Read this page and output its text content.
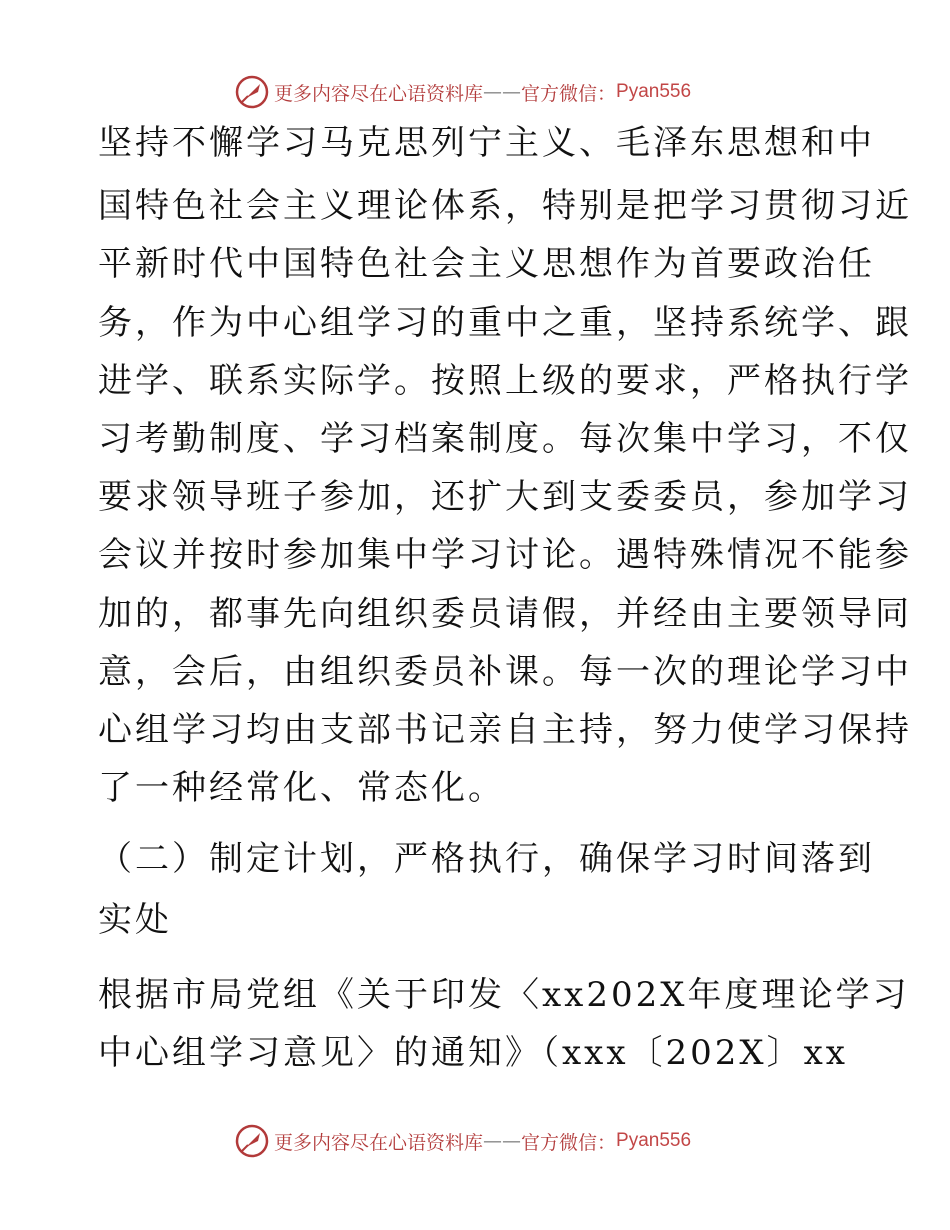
更多内容尽在心语资料库 —— 官方微信： Pyan556
坚持不懈学习马克思列宁主义、毛泽东思想和中
国特色社会主义理论体系，特别是把学习贯彻习近
平新时代中国特色社会主义思想作为首要政治任
务，作为中心组学习的重中之重，坚持系统学、跟
进学、联系实际学。按照上级的要求，严格执行学
习考勤制度、学习档案制度。每次集中学习，不仅
要求领导班子参加，还扩大到支委委员，参加学习
会议并按时参加集中学习讨论。遇特殊情况不能参
加的，都事先向组织委员请假，并经由主要领导同
意，会后，由组织委员补课。每一次的理论学习中
心组学习均由支部书记亲自主持，努力使学习保持
了一种经常化、常态化。
（二）制定计划，严格执行，确保学习时间落到
实处
根据市局党组《关于印发〈xx202X年度理论学习
中心组学习意见〉的通知》（xxx〔202X〕xx
更多内容尽在心语资料库 —— 官方微信： Pyan556
